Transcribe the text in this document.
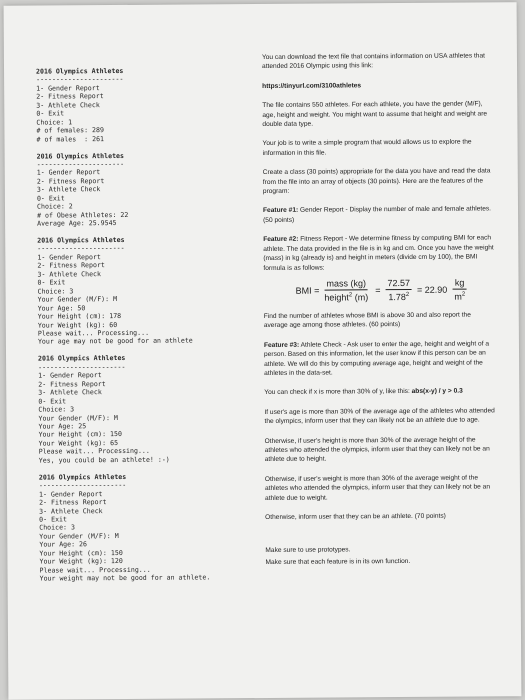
2016 Olympics Athletes
----------------------
1- Gender Report
2- Fitness Report
3- Athlete Check
0- Exit
Choice: 1
# of females: 289
# of males  : 261
2016 Olympics Athletes
----------------------
1- Gender Report
2- Fitness Report
3- Athlete Check
0- Exit
Choice: 2
# of Obese Athletes: 22
Average Age: 25.9545
2016 Olympics Athletes
----------------------
1- Gender Report
2- Fitness Report
3- Athlete Check
0- Exit
Choice: 3
Your Gender (M/F): M
Your Age: 50
Your Height (cm): 178
Your Weight (kg): 60
Please wait... Processing...
Your age may not be good for an athlete
2016 Olympics Athletes
----------------------
1- Gender Report
2- Fitness Report
3- Athlete Check
0- Exit
Choice: 3
Your Gender (M/F): M
Your Age: 25
Your Height (cm): 150
Your Weight (kg): 65
Please wait... Processing...
Yes, you could be an athlete! :-)
2016 Olympics Athletes
----------------------
1- Gender Report
2- Fitness Report
3- Athlete Check
0- Exit
Choice: 3
Your Gender (M/F): M
Your Age: 26
Your Height (cm): 150
Your Weight (kg): 120
Please wait... Processing...
Your weight may not be good for an athlete.

You can download the text file that contains information on USA athletes that attended 2016 Olympic using this link:

https://tinyurl.com/3100athletes

The file contains 550 athletes. For each athlete, you have the gender (M/F), age, height and weight. You might want to assume that height and weight are double data type.

Your job is to write a simple program that would allows us to explore the information in this file.

Create a class (30 points) appropriate for the data you have and read the data from the file into an array of objects (30 points). Here are the features of the program:

Feature #1: Gender Report - Display the number of male and female athletes. (50 points)

Feature #2: Fitness Report - We determine fitness by computing BMI for each athlete. The data provided in the file is in kg and cm. Once you have the weight (mass) in kg (already is) and height in meters (divide cm by 100), the BMI formula is as follows:

BMI = $\frac{\text{mass (kg)}}{height^2 (m)} = \frac{72.57}{1.78^2} = 22.90 \frac{kg}{m^2}$

Find the number of athletes whose BMI is above 30 and also report the average age among those athletes. (60 points)

Feature #3: Athlete Check - Ask user to enter the age, height and weight of a person. Based on this information, let the user know if this person can be an athlete. We will do this by computing average age, height and weight of the athletes in the data-set.

You can check if x is more than 30% of y, like this: abs(x-y) / y > 0.3

If user's age is more than 30% of the average age of the athletes who attended the olympics, inform user that they can likely not be an athlete due to age.

Otherwise, if user's height is more than 30% of the average height of the athletes who attended the olympics, inform user that they can likely not be an athlete due to height.

Otherwise, if user's weight is more than 30% of the average weight of the athletes who attended the olympics, inform user that they can likely not be an athlete due to weight.

Otherwise, inform user that they can be an athlete. (70 points)

Make sure to use prototypes.

Make sure that each feature is in its own function.
